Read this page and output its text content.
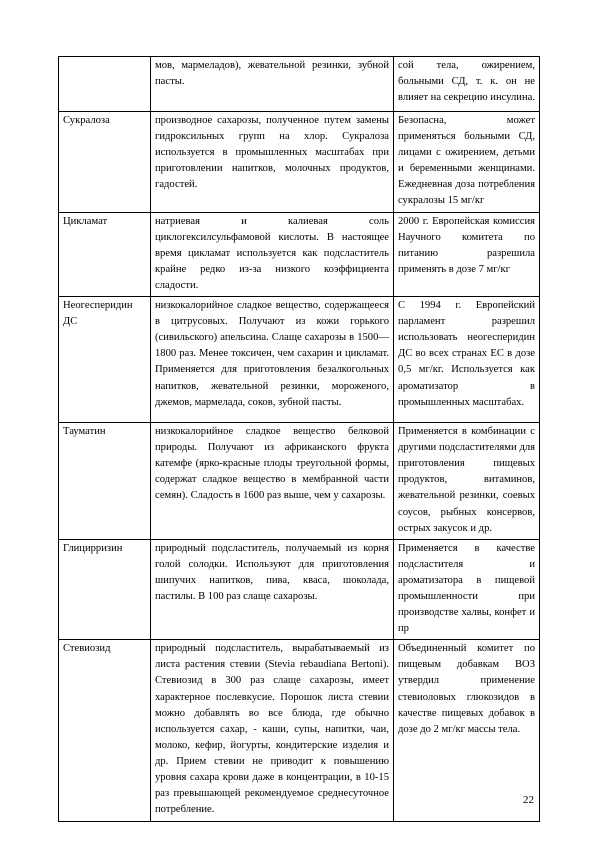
	мов, мармеладов), жевательной резинки, зубной пасты.	сой тела, ожирением, больными СД, т. к. он не влияет на секрецию инсулина.
Сукралоза	производное сахарозы, полученное путем замены гидроксильных групп на хлор. Сукралоза используется в промышленных масштабах при приготовлении напитков, молочных продуктов, гадостей.	Безопасна, может применяться больными СД, лицами с ожирением, детьми и беременными женщинами. Ежедневная доза потребления сукралозы 15 мг/кг
Цикламат	натриевая и калиевая соль циклогексилсульфамовой кислоты. В настоящее время цикламат используется как подсластитель крайне редко из-за низкого коэффициента сладости.	2000 г. Европейская комиссия Научного комитета по питанию разрешила применять в дозе 7 мг/кг
Неогесперидин ДС	низкокалорийное сладкое вещество, содержащееся в цитрусовых. Получают из кожи горького (сивильского) апельсина. Слаще сахарозы в 1500—1800 раз. Менее токсичен, чем сахарин и цикламат. Применяется для приготовления безалкогольных напитков, жевательной резинки, мороженого, джемов, мармелада, соков, зубной пасты.	С 1994 г. Европейский парламент разрешил использовать неогесперидин ДС во всех странах ЕС в дозе 0,5 мг/кг. Используется как ароматизатор в промышленных масштабах.
Тауматин	низкокалорийное сладкое вещество белковой природы. Получают из африканского фрукта катемфе (ярко-красные плоды треугольной формы, содержат сладкое вещество в мембранной части семян). Сладость в 1600 раз выше, чем у сахарозы.	Применяется в комбинации с другими подсластителями для приготовления пищевых продуктов, витаминов, жевательной резинки, соевых соусов, рыбных консервов, острых закусок и др.
Глицирризин	природный подсластитель, получаемый из корня голой солодки. Используют для приготовления шипучих напитков, пива, кваса, шоколада, пастилы. В 100 раз слаще сахарозы.	Применяется в качестве подсластителя и ароматизатора в пищевой промышленности при производстве халвы, конфет и пр
Стевиозид	природный подсластитель, вырабатываемый из листа растения стевии (Stevia rebaudiana Bertoni). Стевиозид в 300 раз слаще сахарозы, имеет характерное послевкусие. Порошок листа стевии можно добавлять во все блюда, где обычно используется сахар, - каши, супы, напитки, чаи, молоко, кефир, йогурты, кондитерские изделия и др. Прием стевии не приводит к повышению уровня сахара крови даже в концентрации, в 10-15 раз превышающей рекомендуемое среднесуточное потребление.	Объединенный комитет по пищевым добавкам ВОЗ утвердил применение стевиоловых глюкозидов в качестве пищевых добавок в дозе до 2 мг/кг массы тела.
22
